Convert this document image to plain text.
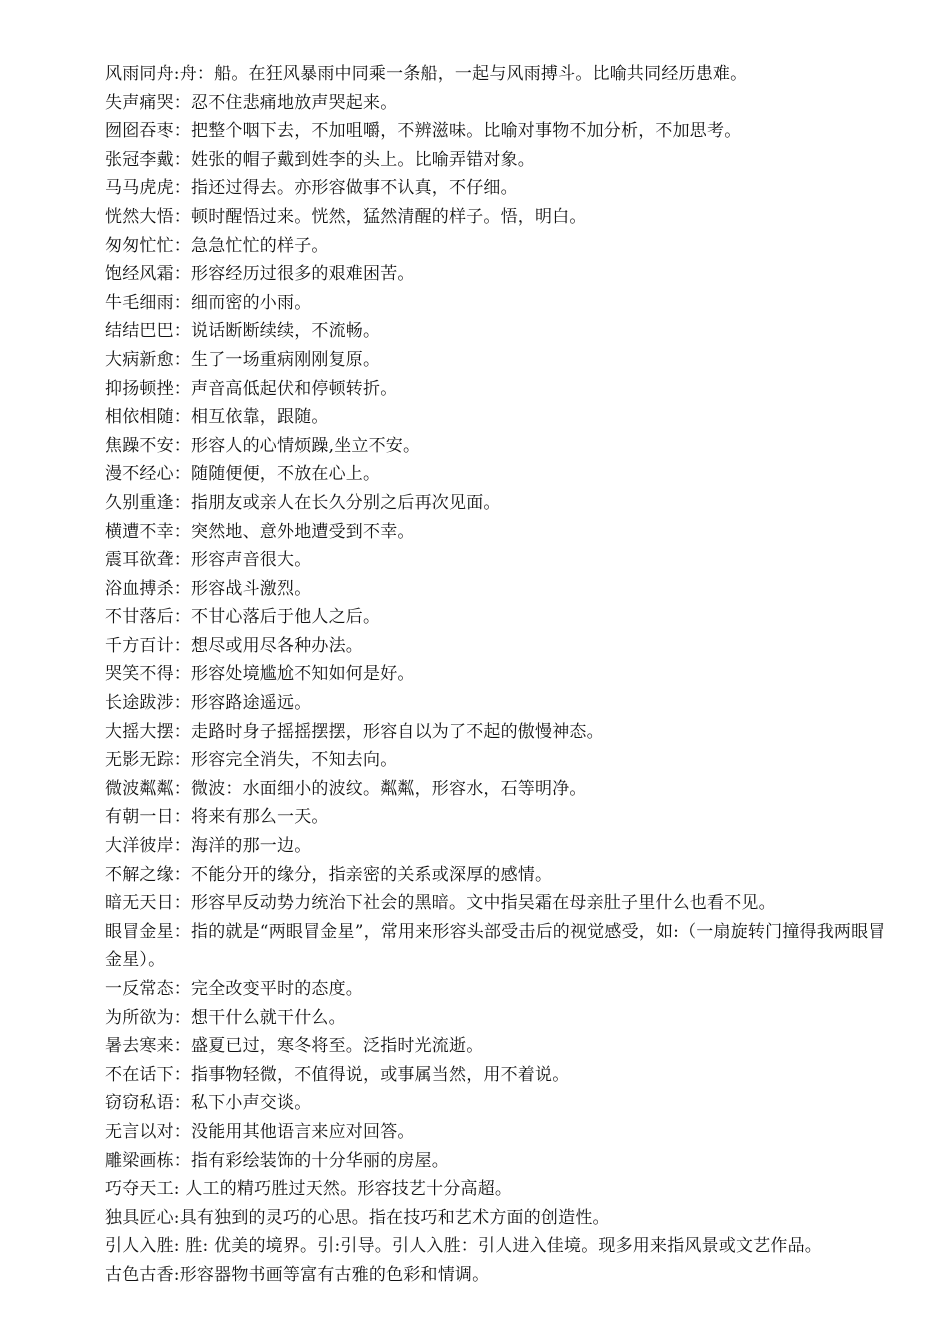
风雨同舟:舟：船。在狂风暴雨中同乘一条船，一起与风雨搏斗。比喻共同经历患难。
失声痛哭：忍不住悲痛地放声哭起来。
囫囵吞枣：把整个咽下去，不加咀嚼，不辨滋味。比喻对事物不加分析，不加思考。
张冠李戴：姓张的帽子戴到姓李的头上。比喻弄错对象。
马马虎虎：指还过得去。亦形容做事不认真，不仔细。
恍然大悟：顿时醒悟过来。恍然，猛然清醒的样子。悟，明白。
匆匆忙忙：急急忙忙的样子。
饱经风霜：形容经历过很多的艰难困苦。
牛毛细雨：细而密的小雨。
结结巴巴：说话断断续续，不流畅。
大病新愈：生了一场重病刚刚复原。
抑扬顿挫：声音高低起伏和停顿转折。
相依相随：相互依靠，跟随。
焦躁不安：形容人的心情烦躁,坐立不安。
漫不经心：随随便便，不放在心上。
久别重逢：指朋友或亲人在长久分别之后再次见面。
横遭不幸：突然地、意外地遭受到不幸。
震耳欲聋：形容声音很大。
浴血搏杀：形容战斗激烈。
不甘落后：不甘心落后于他人之后。
千方百计：想尽或用尽各种办法。
哭笑不得：形容处境尴尬不知如何是好。
长途跋涉：形容路途遥远。
大摇大摆：走路时身子摇摇摆摆，形容自以为了不起的傲慢神态。
无影无踪：形容完全消失，不知去向。
微波粼粼：微波：水面细小的波纹。粼粼，形容水，石等明净。
有朝一日：将来有那么一天。
大洋彼岸：海洋的那一边。
不解之缘：不能分开的缘分，指亲密的关系或深厚的感情。
暗无天日：形容早反动势力统治下社会的黑暗。文中指吴霜在母亲肚子里什么也看不见。
眼冒金星：指的就是“两眼冒金星”，常用来形容头部受击后的视觉感受，如:（一扇旋转门撞得我两眼冒金星）。
一反常态：完全改变平时的态度。
为所欲为：想干什么就干什么。
暑去寒来：盛夏已过，寒冬将至。泛指时光流逝。
不在话下：指事物轻微，不值得说，或事属当然，用不着说。
窃窃私语：私下小声交谈。
无言以对：没能用其他语言来应对回答。
雕梁画栋：指有彩绘装饰的十分华丽的房屋。
巧夺天工: 人工的精巧胜过天然。形容技艺十分高超。
独具匠心:具有独到的灵巧的心思。指在技巧和艺术方面的创造性。
引人入胜: 胜: 优美的境界。引:引导。引人入胜：引人进入佳境。现多用来指风景或文艺作品。
古色古香:形容器物书画等富有古雅的色彩和情调。
